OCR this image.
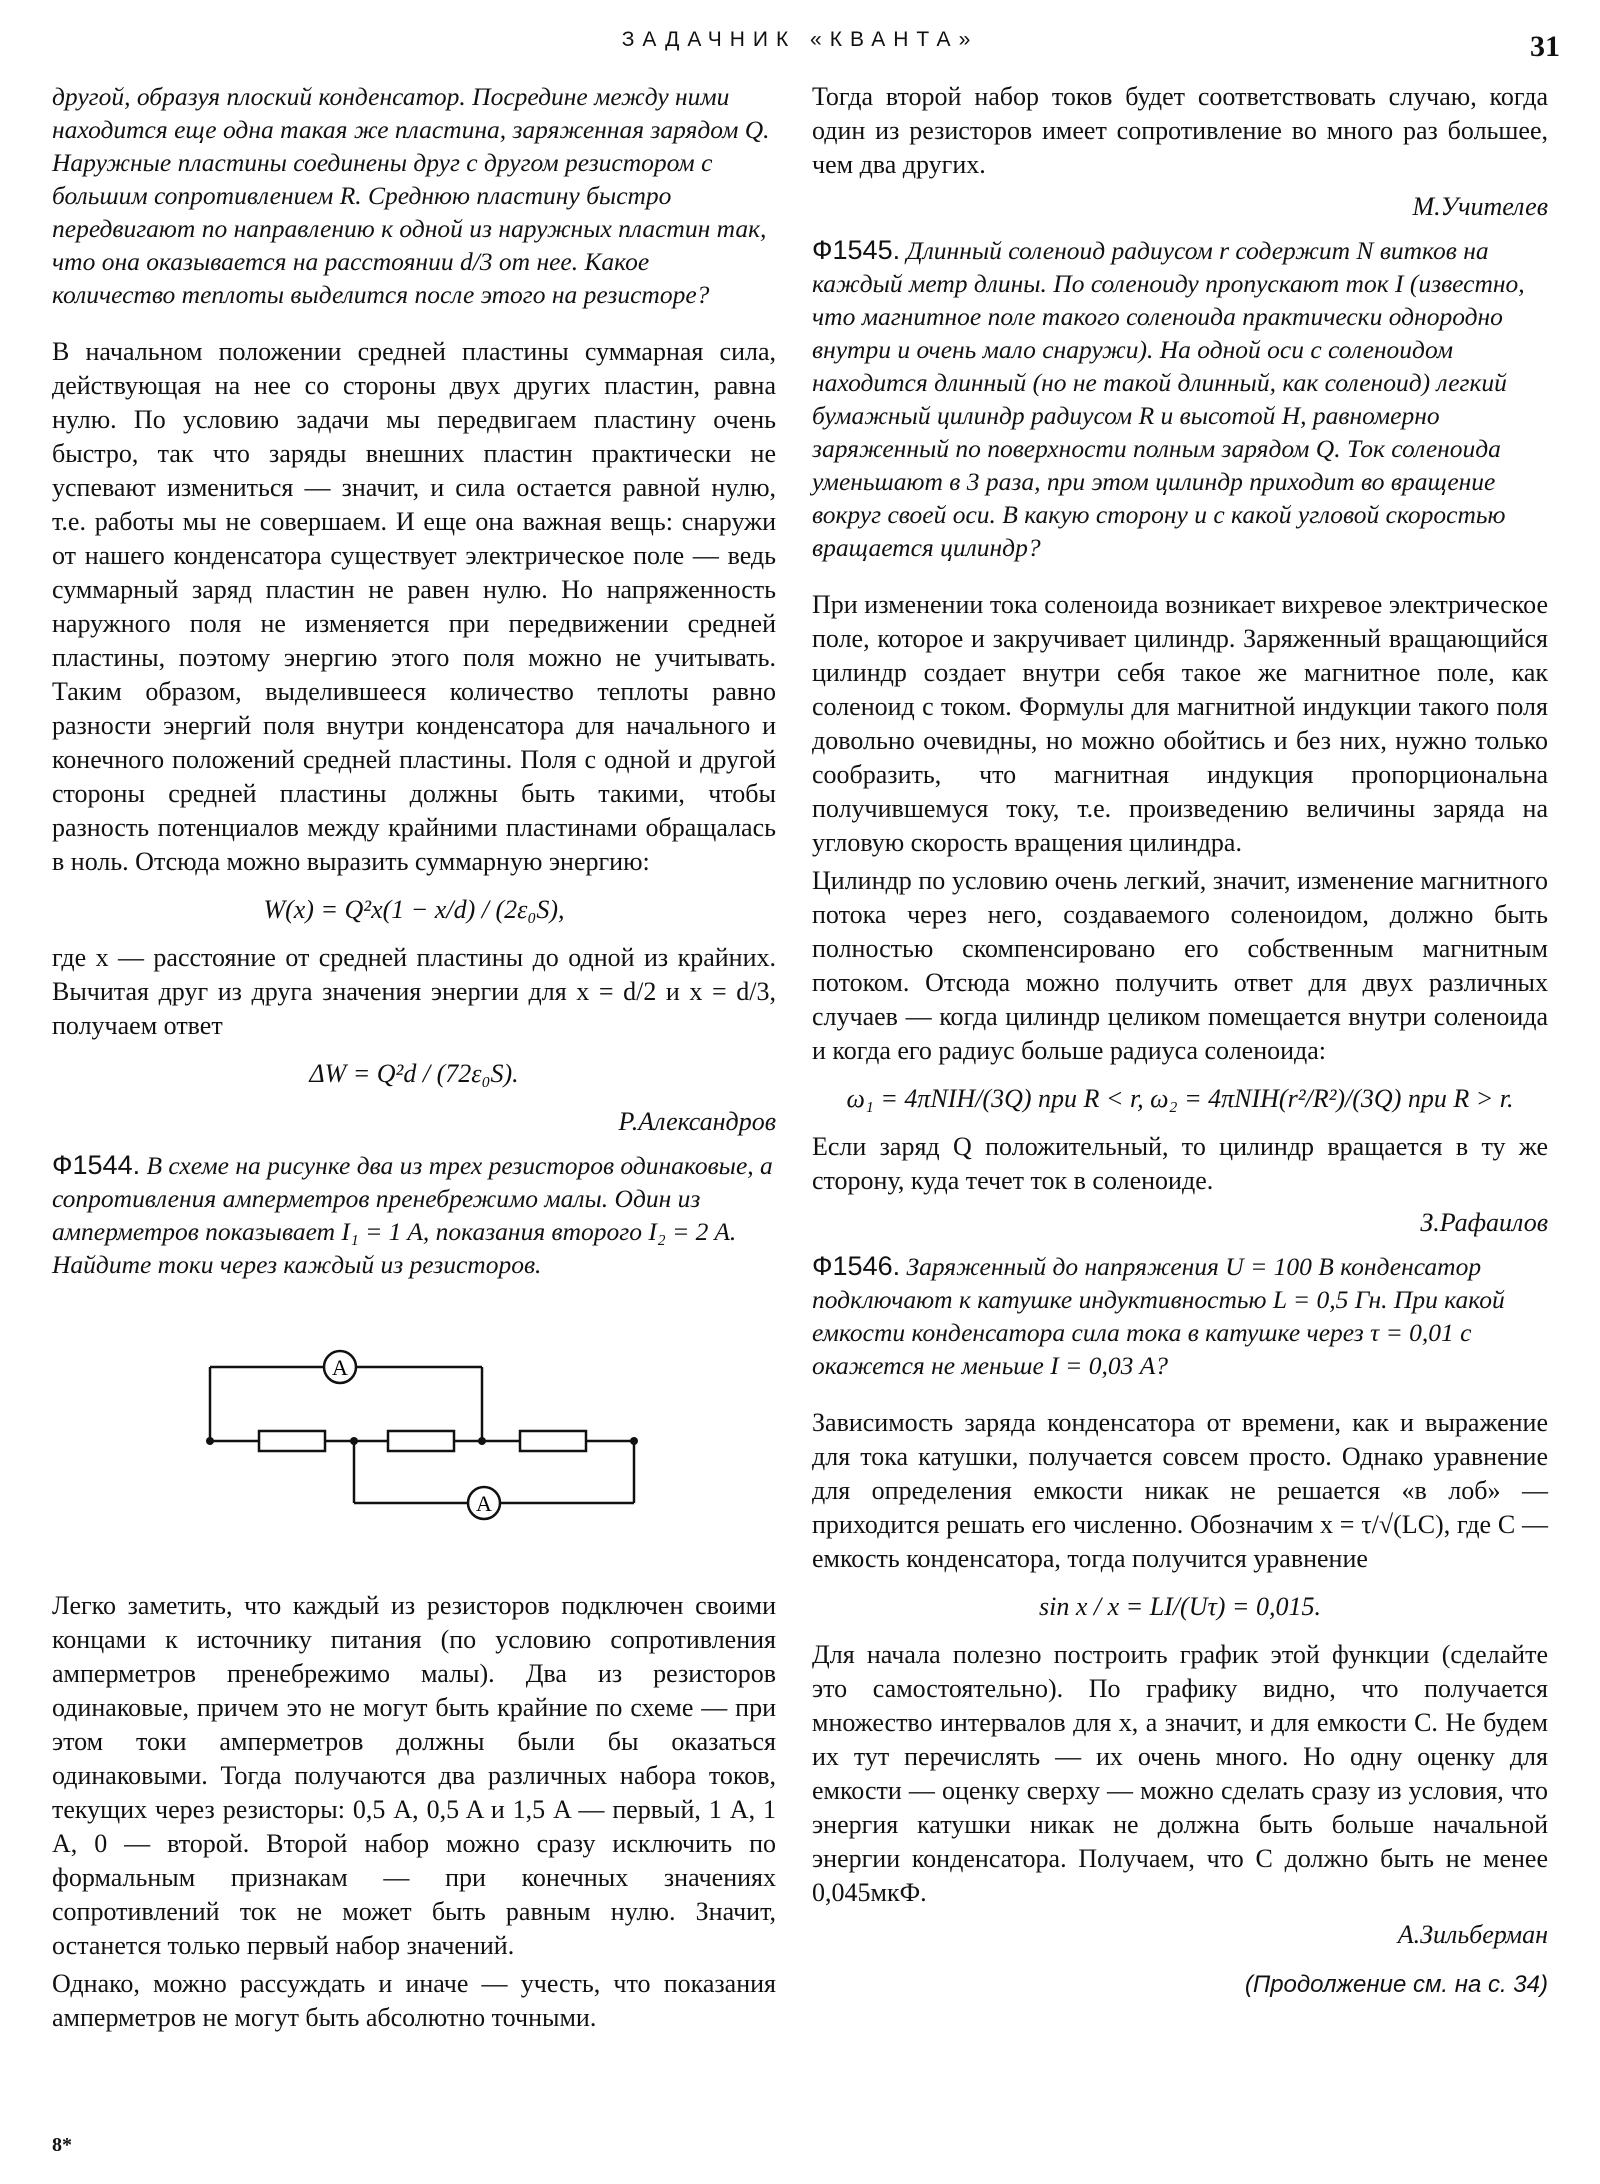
ЗАДАЧНИК «КВАНТА»	31

другой, образуя плоский конденсатор. Посредине между ними находится еще одна такая же пластина, заряженная зарядом Q. Наружные пластины соединены друг с другом резистором с большим сопротивлением R. Среднюю пластину быстро передвигают по направлению к одной из наружных пластин так, что она оказывается на расстоянии d/3 от нее. Какое количество теплоты выделится после этого на резисторе?

В начальном положении средней пластины суммарная сила, действующая на нее со стороны двух других пластин, равна нулю. По условию задачи мы передвигаем пластину очень быстро, так что заряды внешних пластин практически не успевают измениться — значит, и сила остается равной нулю, т.е. работы мы не совершаем. И еще она важная вещь: снаружи от нашего конденсатора существует электрическое поле — ведь суммарный заряд пластин не равен нулю. Но напряженность наружного поля не изменяется при передвижении средней пластины, поэтому энергию этого поля можно не учитывать. Таким образом, выделившееся количество теплоты равно разности энергий поля внутри конденсатора для начального и конечного положений средней пластины. Поля с одной и другой стороны средней пластины должны быть такими, чтобы разность потенциалов между крайними пластинами обращалась в ноль. Отсюда можно выразить суммарную энергию:

W(x) = Q²x(1 − x/d) / (2ε₀S),

где x — расстояние от средней пластины до одной из крайних. Вычитая друг из друга значения энергии для x = d/2 и x = d/3, получаем ответ

ΔW = Q²d / (72ε₀S).

Р.Александров

Ф1544. В схеме на рисунке два из трех резисторов одинаковые, а сопротивления амперметров пренебрежимо малы. Один из амперметров показывает I₁ = 1 A, показания второго I₂ = 2 A. Найдите токи через каждый из резисторов.

A
A

Легко заметить, что каждый из резисторов подключен своими концами к источнику питания (по условию сопротивления амперметров пренебрежимо малы). Два из резисторов одинаковые, причем это не могут быть крайние по схеме — при этом токи амперметров должны были бы оказаться одинаковыми. Тогда получаются два различных набора токов, текущих через резисторы: 0,5 A, 0,5 A и 1,5 A — первый, 1 A, 1 A, 0 — второй. Второй набор можно сразу исключить по формальным признакам — при конечных значениях сопротивлений ток не может быть равным нулю. Значит, останется только первый набор значений.

Однако, можно рассуждать и иначе — учесть, что показания амперметров не могут быть абсолютно точными.

Тогда второй набор токов будет соответствовать случаю, когда один из резисторов имеет сопротивление во много раз большее, чем два других.

М.Учителев

Ф1545. Длинный соленоид радиусом r содержит N витков на каждый метр длины. По соленоиду пропускают ток I (известно, что магнитное поле такого соленоида практически однородно внутри и очень мало снаружи). На одной оси с соленоидом находится длинный (но не такой длинный, как соленоид) легкий бумажный цилиндр радиусом R и высотой H, равномерно заряженный по поверхности полным зарядом Q. Ток соленоида уменьшают в 3 раза, при этом цилиндр приходит во вращение вокруг своей оси. В какую сторону и с какой угловой скоростью вращается цилиндр?

При изменении тока соленоида возникает вихревое электрическое поле, которое и закручивает цилиндр. Заряженный вращающийся цилиндр создает внутри себя такое же магнитное поле, как соленоид с током. Формулы для магнитной индукции такого поля довольно очевидны, но можно обойтись и без них, нужно только сообразить, что магнитная индукция пропорциональна получившемуся току, т.е. произведению величины заряда на угловую скорость вращения цилиндра.

Цилиндр по условию очень легкий, значит, изменение магнитного потока через него, создаваемого соленоидом, должно быть полностью скомпенсировано его собственным магнитным потоком. Отсюда можно получить ответ для двух различных случаев — когда цилиндр целиком помещается внутри соленоида и когда его радиус больше радиуса соленоида:

ω₁ = 4πNIH/(3Q) при R < r, ω₂ = 4πNIH(r²/R²)/(3Q) при R > r.

Если заряд Q положительный, то цилиндр вращается в ту же сторону, куда течет ток в соленоиде.

З.Рафаилов

Ф1546. Заряженный до напряжения U = 100 В конденсатор подключают к катушке индуктивностью L = 0,5 Гн. При какой емкости конденсатора сила тока в катушке через τ = 0,01 с окажется не меньше I = 0,03 А?

Зависимость заряда конденсатора от времени, как и выражение для тока катушки, получается совсем просто. Однако уравнение для определения емкости никак не решается «в лоб» — приходится решать его численно. Обозначим x = τ/√(LC), где C — емкость конденсатора, тогда получится уравнение

sin x / x = LI/(Uτ) = 0,015.

Для начала полезно построить график этой функции (сделайте это самостоятельно). По графику видно, что получается множество интервалов для x, а значит, и для емкости C. Не будем их тут перечислять — их очень много. Но одну оценку для емкости — оценку сверху — можно сделать сразу из условия, что энергия катушки никак не должна быть больше начальной энергии конденсатора. Получаем, что C должно быть не менее 0,045мкФ.

А.Зильберман

(Продолжение см. на с. 34)

8*
